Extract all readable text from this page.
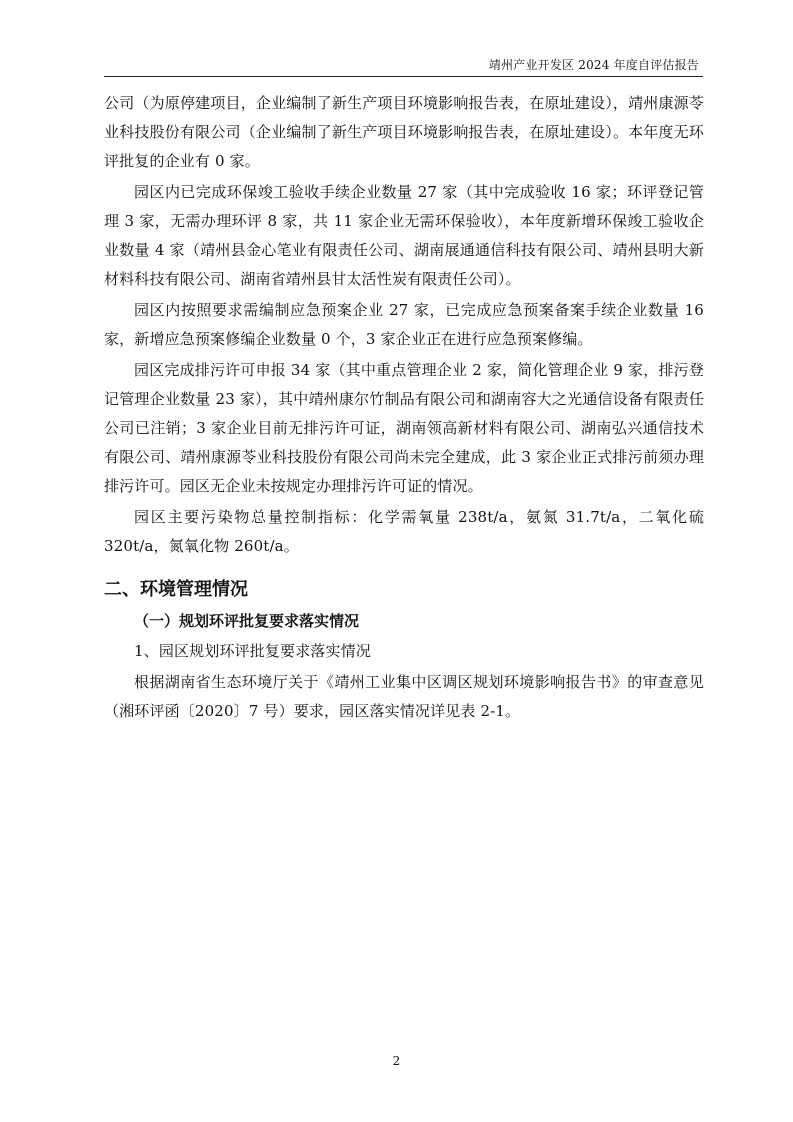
靖州产业开发区 2024 年度自评估报告

公司（为原停建项目，企业编制了新生产项目环境影响报告表，在原址建设），靖州康源苓业科技股份有限公司（企业编制了新生产项目环境影响报告表，在原址建设）。本年度无环评批复的企业有 0 家。

园区内已完成环保竣工验收手续企业数量 27 家（其中完成验收 16 家；环评登记管理 3 家，无需办理环评 8 家，共 11 家企业无需环保验收），本年度新增环保竣工验收企业数量 4 家（靖州县金心笔业有限责任公司、湖南展通通信科技有限公司、靖州县明大新材料科技有限公司、湖南省靖州县甘太活性炭有限责任公司）。

园区内按照要求需编制应急预案企业 27 家，已完成应急预案备案手续企业数量 16 家，新增应急预案修编企业数量 0 个，3 家企业正在进行应急预案修编。

园区完成排污许可申报 34 家（其中重点管理企业 2 家，简化管理企业 9 家，排污登记管理企业数量 23 家），其中靖州康尔竹制品有限公司和湖南容大之光通信设备有限责任公司已注销；3 家企业目前无排污许可证，湖南领高新材料有限公司、湖南弘兴通信技术有限公司、靖州康源苓业科技股份有限公司尚未完全建成，此 3 家企业正式排污前须办理排污许可。园区无企业未按规定办理排污许可证的情况。

园区主要污染物总量控制指标：化学需氧量 238t/a，氨氮 31.7t/a，二氧化硫 320t/a，氮氧化物 260t/a。

二、环境管理情况
（一）规划环评批复要求落实情况

1、园区规划环评批复要求落实情况

根据湖南省生态环境厅关于《靖州工业集中区调区规划环境影响报告书》的审查意见（湘环评函〔2020〕7 号）要求，园区落实情况详见表 2-1。

2
